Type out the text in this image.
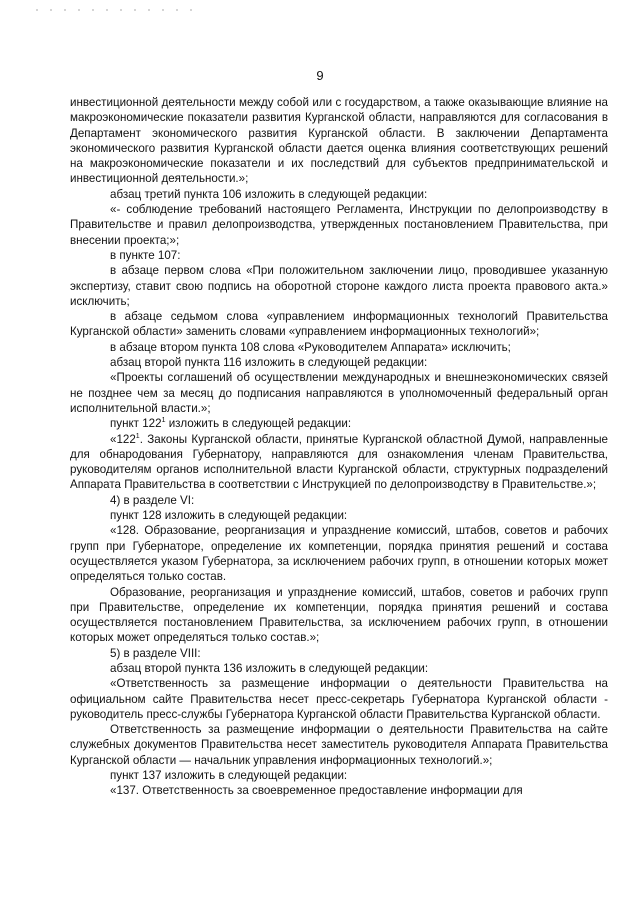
9

инвестиционной деятельности между собой или с государством, а также оказывающие влияние на макроэкономические показатели развития Курганской области, направляются для согласования в Департамент экономического развития Курганской области. В заключении Департамента экономического развития Курганской области дается оценка влияния соответствующих решений на макроэкономические показатели и их последствий для субъектов предпринимательской и инвестиционной деятельности.»;

абзац третий пункта 106 изложить в следующей редакции:

«- соблюдение требований настоящего Регламента, Инструкции по делопроизводству в Правительстве и правил делопроизводства, утвержденных постановлением Правительства, при внесении проекта;»;

в пункте 107:

в абзаце первом слова «При положительном заключении лицо, проводившее указанную экспертизу, ставит свою подпись на оборотной стороне каждого листа проекта правового акта.» исключить;

в абзаце седьмом слова «управлением информационных технологий Правительства Курганской области» заменить словами «управлением информационных технологий»;

в абзаце втором пункта 108 слова «Руководителем Аппарата» исключить;

абзац второй пункта 116 изложить в следующей редакции:

«Проекты соглашений об осуществлении международных и внешнеэкономических связей не позднее чем за месяц до подписания направляются в уполномоченный федеральный орган исполнительной власти.»;

пункт $122^1$ изложить в следующей редакции:

«$122^1$. Законы Курганской области, принятые Курганской областной Думой, направленные для обнародования Губернатору, направляются для ознакомления членам Правительства, руководителям органов исполнительной власти Курганской области, структурных подразделений Аппарата Правительства в соответствии с Инструкцией по делопроизводству в Правительстве.»;

4) в разделе VI:

пункт 128 изложить в следующей редакции:

«128. Образование, реорганизация и упразднение комиссий, штабов, советов и рабочих групп при Губернаторе, определение их компетенции, порядка принятия решений и состава осуществляется указом Губернатора, за исключением рабочих групп, в отношении которых может определяться только состав.

Образование, реорганизация и упразднение комиссий, штабов, советов и рабочих групп при Правительстве, определение их компетенции, порядка принятия решений и состава осуществляется постановлением Правительства, за исключением рабочих групп, в отношении которых может определяться только состав.»;

5) в разделе VIII:

абзац второй пункта 136 изложить в следующей редакции:

«Ответственность за размещение информации о деятельности Правительства на официальном сайте Правительства несет пресс-секретарь Губернатора Курганской области - руководитель пресс-службы Губернатора Курганской области Правительства Курганской области.

Ответственность за размещение информации о деятельности Правительства на сайте служебных документов Правительства несет заместитель руководителя Аппарата Правительства Курганской области — начальник управления информационных технологий.»;

пункт 137 изложить в следующей редакции:

«137. Ответственность за своевременное предоставление информации для
